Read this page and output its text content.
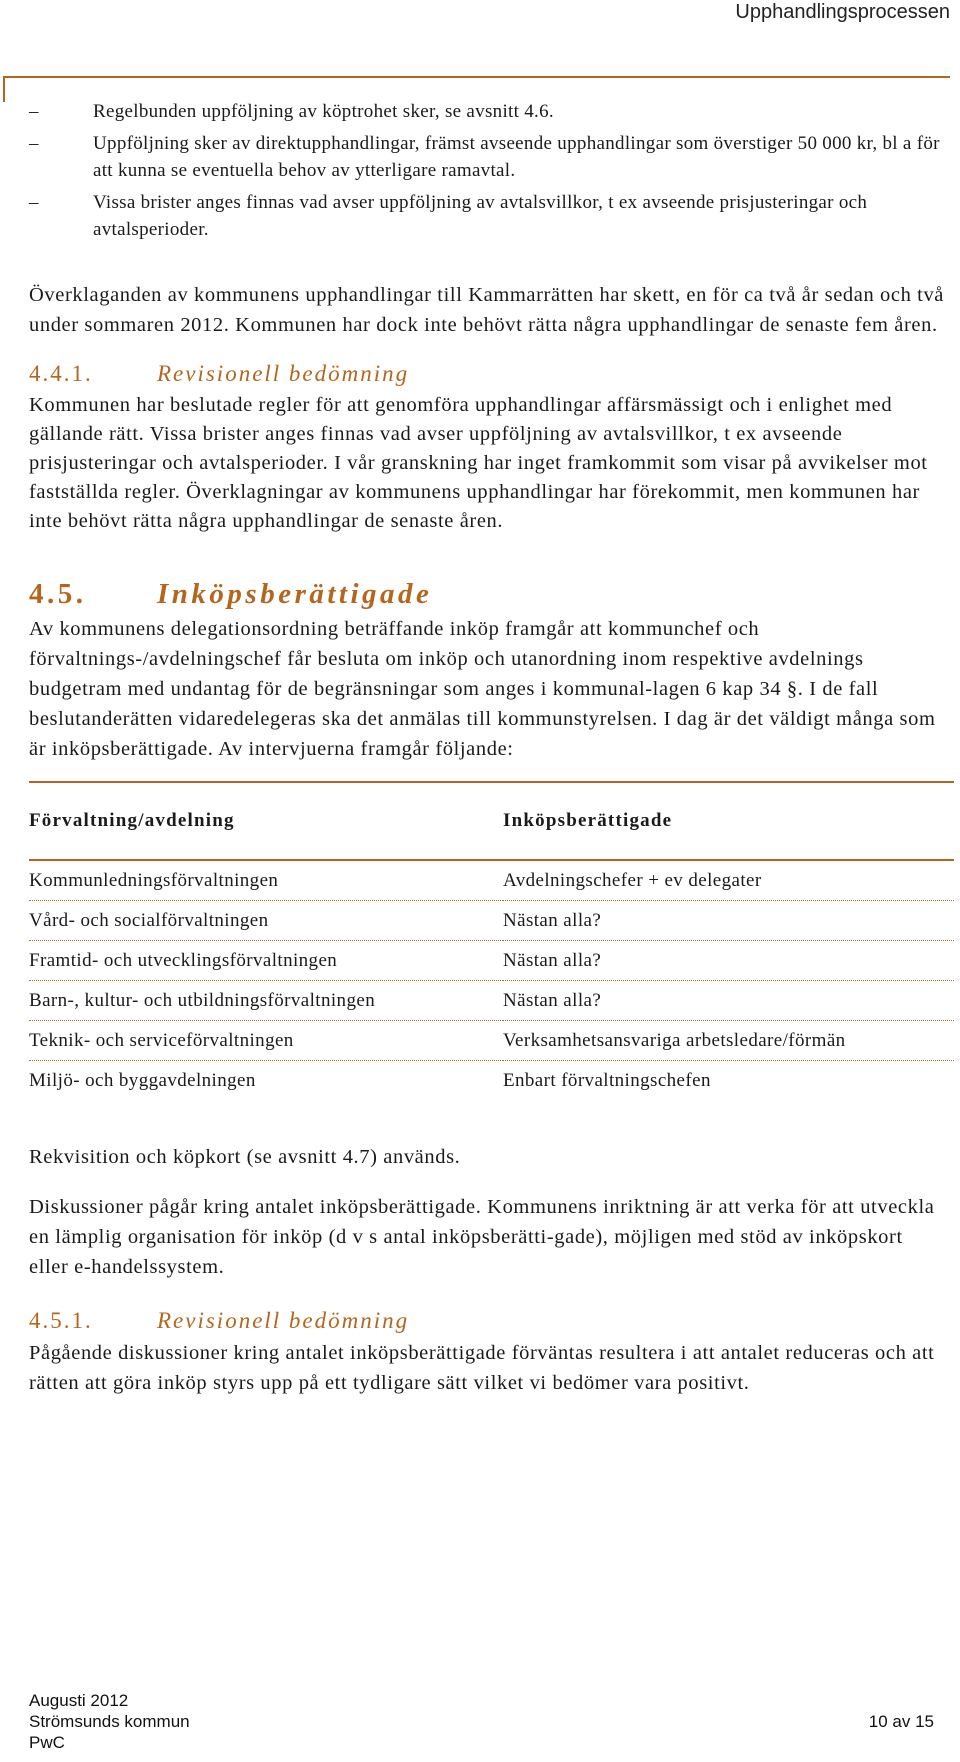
Upphandlingsprocessen
–	Regelbunden uppföljning av köptrohet sker, se avsnitt 4.6.
–	Uppföljning sker av direktupphandlingar, främst avseende upphandlingar som överstiger 50 000 kr, bl a för att kunna se eventuella behov av ytterligare ramavtal.
–	Vissa brister anges finnas vad avser uppföljning av avtalsvillkor, t ex avseende prisjusteringar och avtalsperioder.

Överklaganden av kommunens upphandlingar till Kammarrätten har skett, en för ca två år sedan och två under sommaren 2012. Kommunen har dock inte behövt rätta några upphandlingar de senaste fem åren.

4.4.1.	Revisionell bedömning

Kommunen har beslutade regler för att genomföra upphandlingar affärsmässigt och i enlighet med gällande rätt. Vissa brister anges finnas vad avser uppföljning av avtalsvillkor, t ex avseende prisjusteringar och avtalsperioder. I vår granskning har inget framkommit som visar på avvikelser mot fastställda regler. Överklagningar av kommunens upphandlingar har förekommit, men kommunen har inte behövt rätta några upphandlingar de senaste åren.

4.5.	Inköpsberättigade

Av kommunens delegationsordning beträffande inköp framgår att kommunchef och förvaltnings-/avdelningschef får besluta om inköp och utanordning inom respektive avdelnings budgetram med undantag för de begränsningar som anges i kommunal-lagen 6 kap 34 §. I de fall beslutanderätten vidaredelegeras ska det anmälas till kommunstyrelsen. I dag är det väldigt många som är inköpsberättigade. Av intervjuerna framgår följande:

Förvaltning/avdelning	Inköpsberättigade
Kommunledningsförvaltningen	Avdelningschefer + ev delegater
Vård- och socialförvaltningen	Nästan alla?
Framtid- och utvecklingsförvaltningen	Nästan alla?
Barn-, kultur- och utbildningsförvaltningen	Nästan alla?
Teknik- och serviceförvaltningen	Verksamhetsansvariga arbetsledare/förmän
Miljö- och byggavdelningen	Enbart förvaltningschefen

Rekvisition och köpkort (se avsnitt 4.7) används.

Diskussioner pågår kring antalet inköpsberättigade. Kommunens inriktning är att verka för att utveckla en lämplig organisation för inköp (d v s antal inköpsberätti-gade), möjligen med stöd av inköpskort eller e-handelssystem.

4.5.1.	Revisionell bedömning

Pågående diskussioner kring antalet inköpsberättigade förväntas resultera i att antalet reduceras och att rätten att göra inköp styrs upp på ett tydligare sätt vilket vi bedömer vara positivt.

Augusti 2012
Strömsunds kommun
PwC
10 av 15
